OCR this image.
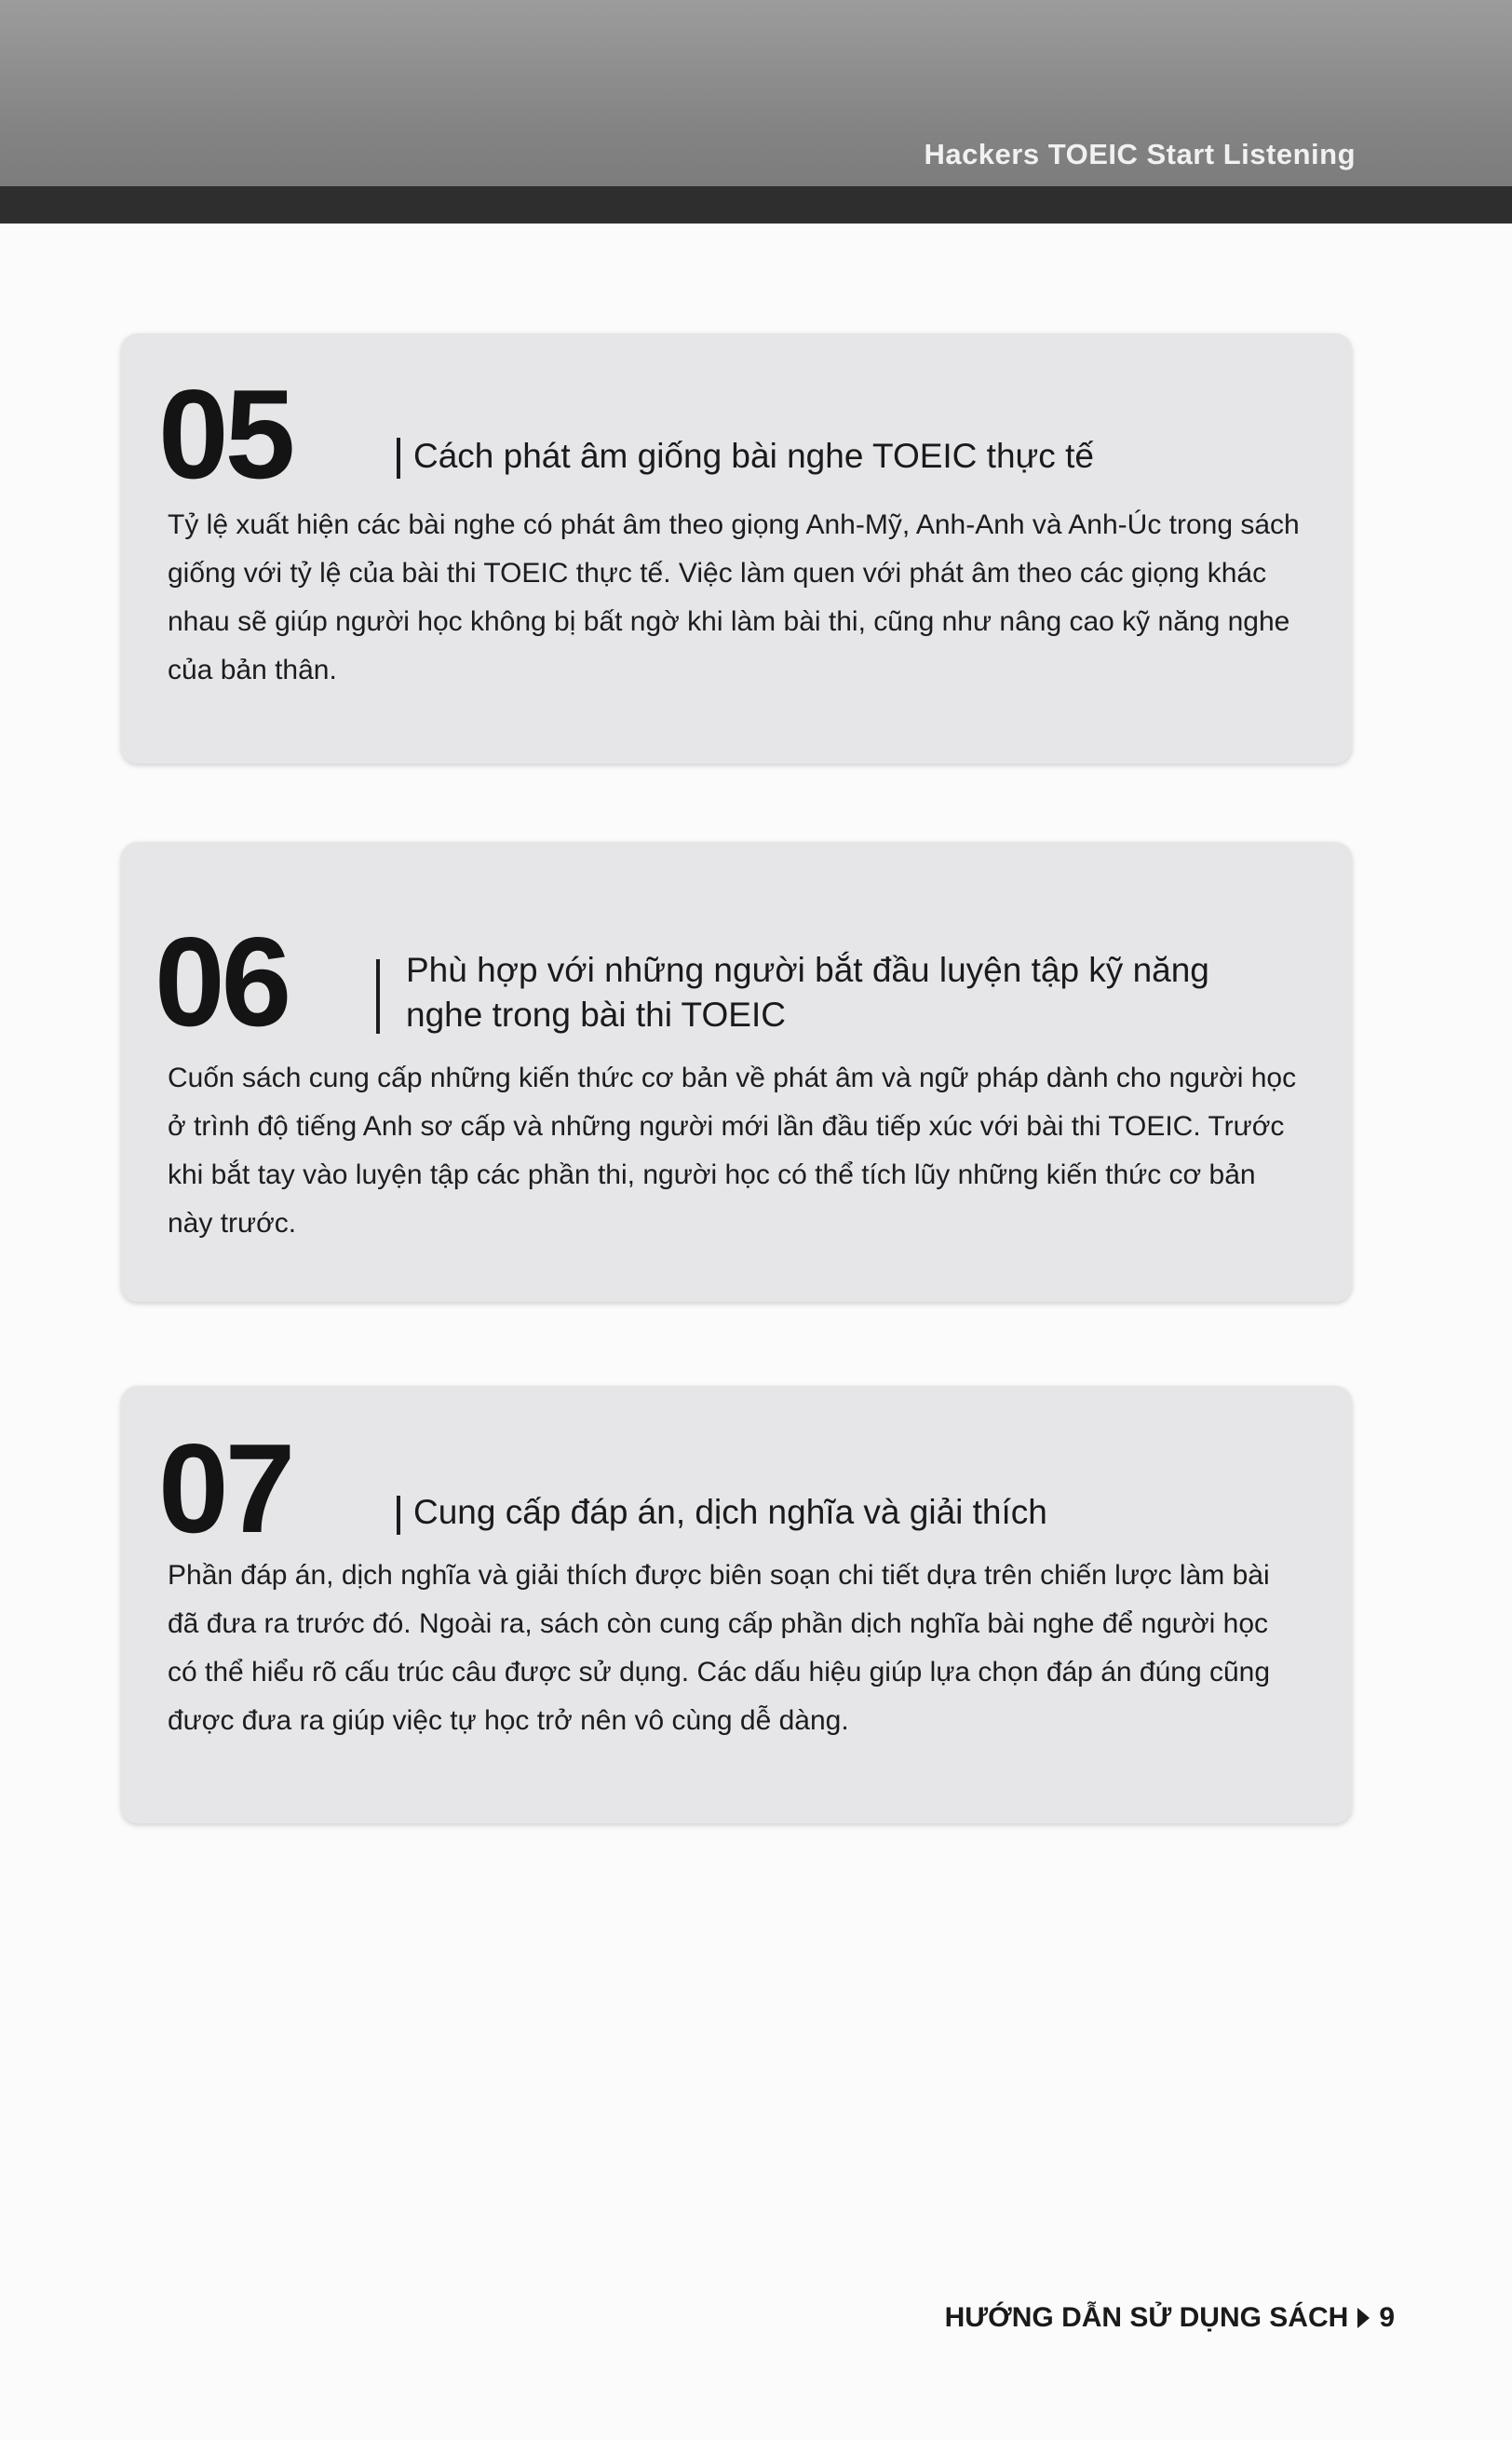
Hackers TOEIC Start Listening
05	Cách phát âm giống bài nghe TOEIC thực tế
Tỷ lệ xuất hiện các bài nghe có phát âm theo giọng Anh-Mỹ, Anh-Anh và Anh-Úc trong sách giống với tỷ lệ của bài thi TOEIC thực tế. Việc làm quen với phát âm theo các giọng khác nhau sẽ giúp người học không bị bất ngờ khi làm bài thi, cũng như nâng cao kỹ năng nghe của bản thân.
06	Phù hợp với những người bắt đầu luyện tập kỹ năng
nghe trong bài thi TOEIC
Cuốn sách cung cấp những kiến thức cơ bản về phát âm và ngữ pháp dành cho người học ở trình độ tiếng Anh sơ cấp và những người mới lần đầu tiếp xúc với bài thi TOEIC. Trước khi bắt tay vào luyện tập các phần thi, người học có thể tích lũy những kiến thức cơ bản này trước.
07	Cung cấp đáp án, dịch nghĩa và giải thích
Phần đáp án, dịch nghĩa và giải thích được biên soạn chi tiết dựa trên chiến lược làm bài đã đưa ra trước đó. Ngoài ra, sách còn cung cấp phần dịch nghĩa bài nghe để người học có thể hiểu rõ cấu trúc câu được sử dụng. Các dấu hiệu giúp lựa chọn đáp án đúng cũng được đưa ra giúp việc tự học trở nên vô cùng dễ dàng.
HƯỚNG DẪN SỬ DỤNG SÁCH 9
